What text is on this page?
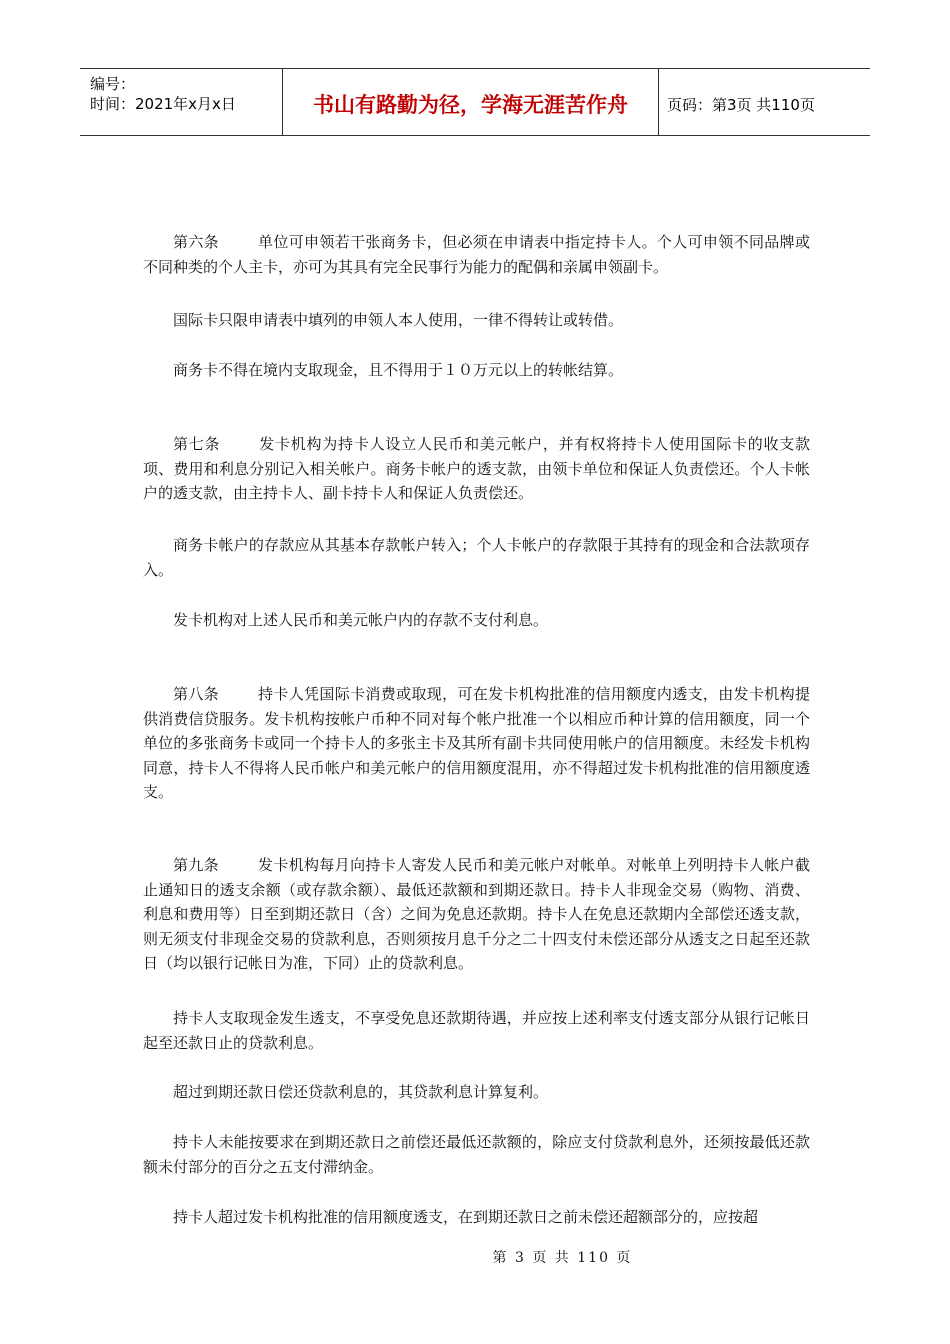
编号：
时间：2021年x月x日	书山有路勤为径，学海无涯苦作舟	页码：第3页 共110页
第六条	单位可申领若干张商务卡，但必须在申请表中指定持卡人。个人可申领不同品牌或不同种类的个人主卡，亦可为其具有完全民事行为能力的配偶和亲属申领副卡。
国际卡只限申请表中填列的申领人本人使用，一律不得转让或转借。
商务卡不得在境内支取现金，且不得用于１０万元以上的转帐结算。
第七条	发卡机构为持卡人设立人民币和美元帐户，并有权将持卡人使用国际卡的收支款项、费用和利息分别记入相关帐户。商务卡帐户的透支款，由领卡单位和保证人负责偿还。个人卡帐户的透支款，由主持卡人、副卡持卡人和保证人负责偿还。
商务卡帐户的存款应从其基本存款帐户转入；个人卡帐户的存款限于其持有的现金和合法款项存入。
发卡机构对上述人民币和美元帐户内的存款不支付利息。
第八条	持卡人凭国际卡消费或取现，可在发卡机构批准的信用额度内透支，由发卡机构提供消费信贷服务。发卡机构按帐户币种不同对每个帐户批准一个以相应币种计算的信用额度，同一个单位的多张商务卡或同一个持卡人的多张主卡及其所有副卡共同使用帐户的信用额度。未经发卡机构同意，持卡人不得将人民币帐户和美元帐户的信用额度混用，亦不得超过发卡机构批准的信用额度透支。
第九条	发卡机构每月向持卡人寄发人民币和美元帐户对帐单。对帐单上列明持卡人帐户截止通知日的透支余额（或存款余额）、最低还款额和到期还款日。持卡人非现金交易（购物、消费、利息和费用等）日至到期还款日（含）之间为免息还款期。持卡人在免息还款期内全部偿还透支款，则无须支付非现金交易的贷款利息，否则须按月息千分之二十四支付未偿还部分从透支之日起至还款日（均以银行记帐日为准，下同）止的贷款利息。
持卡人支取现金发生透支，不享受免息还款期待遇，并应按上述利率支付透支部分从银行记帐日起至还款日止的贷款利息。
超过到期还款日偿还贷款利息的，其贷款利息计算复利。
持卡人未能按要求在到期还款日之前偿还最低还款额的，除应支付贷款利息外，还须按最低还款额未付部分的百分之五支付滞纳金。
持卡人超过发卡机构批准的信用额度透支，在到期还款日之前未偿还超额部分的，应按超
第 3 页 共 110 页
